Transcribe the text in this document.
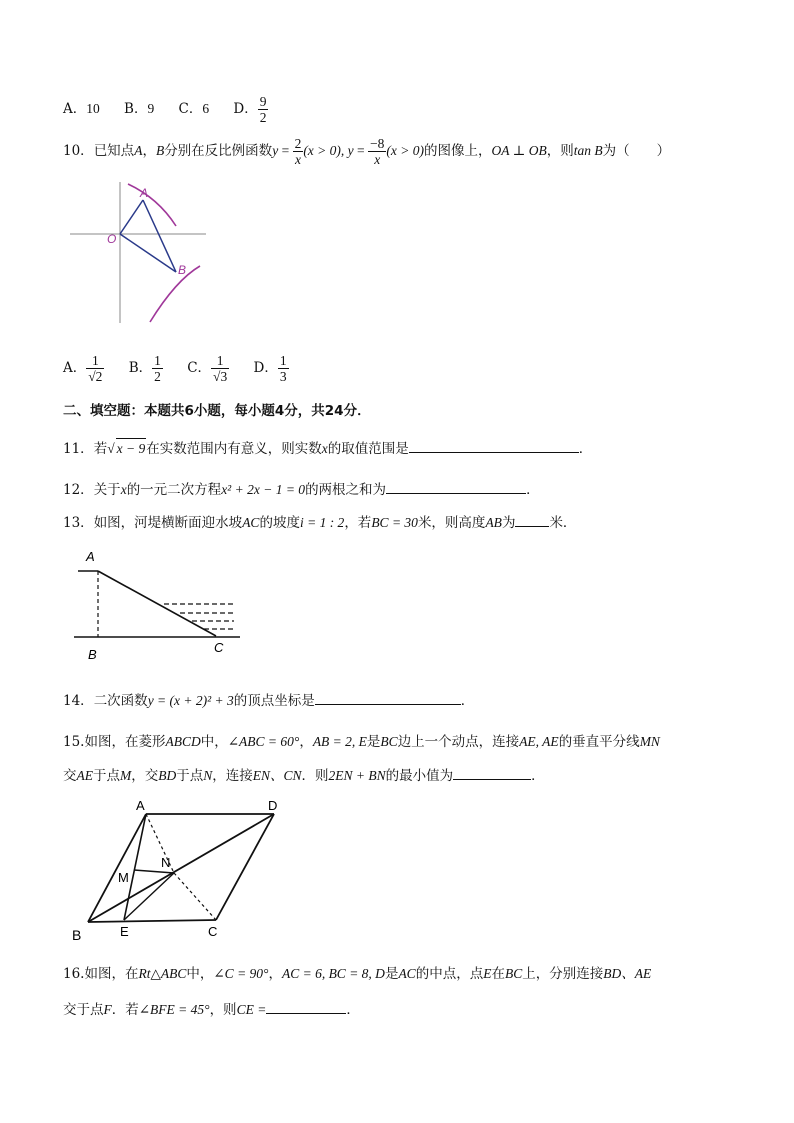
A．10 B．9 C．6 D． $\frac{9}{2}$
10．已知点A，B分别在反比例函数$y = \frac{2}{x} (x > 0)$, $y = \frac{-8}{x} (x > 0)$的图像上，OA ⊥ OB，则tan B为（　　）
A
O
B
A． $\frac{1}{√2}$ B． $\frac{1}{2}$ C． $\frac{1}{√3}$ D． $\frac{1}{3}$
二、填空题：本题共6小题，每小题4分，共24分．
11．若√ x − 9在实数范围内有意义，则实数x的取值范围是	．
12．关于x的一元二次方程x² + 2x − 1 = 0的两根之和为	．
13．如图，河堤横断面迎水坡AC的坡度i = 1 : 2，若BC = 30米，则高度AB为	米．
A
B	C
14．二次函数y = (x + 2)² + 3的顶点坐标是	．
15.如图，在菱形ABCD中，∠ABC = 60°，AB = 2, E是BC边上一个动点，连接AE, AE的垂直平分线MN
交AE于点M，交BD于点N，连接EN、CN．则2EN + BN的最小值为	．
A	D
M
N
B	E	C
16.如图，在Rt△ABC中，∠C = 90°，AC = 6, BC = 8, D是AC的中点，点E在BC上，分别连接BD、AE
交于点F．若∠BFE = 45°，则CE =	．
